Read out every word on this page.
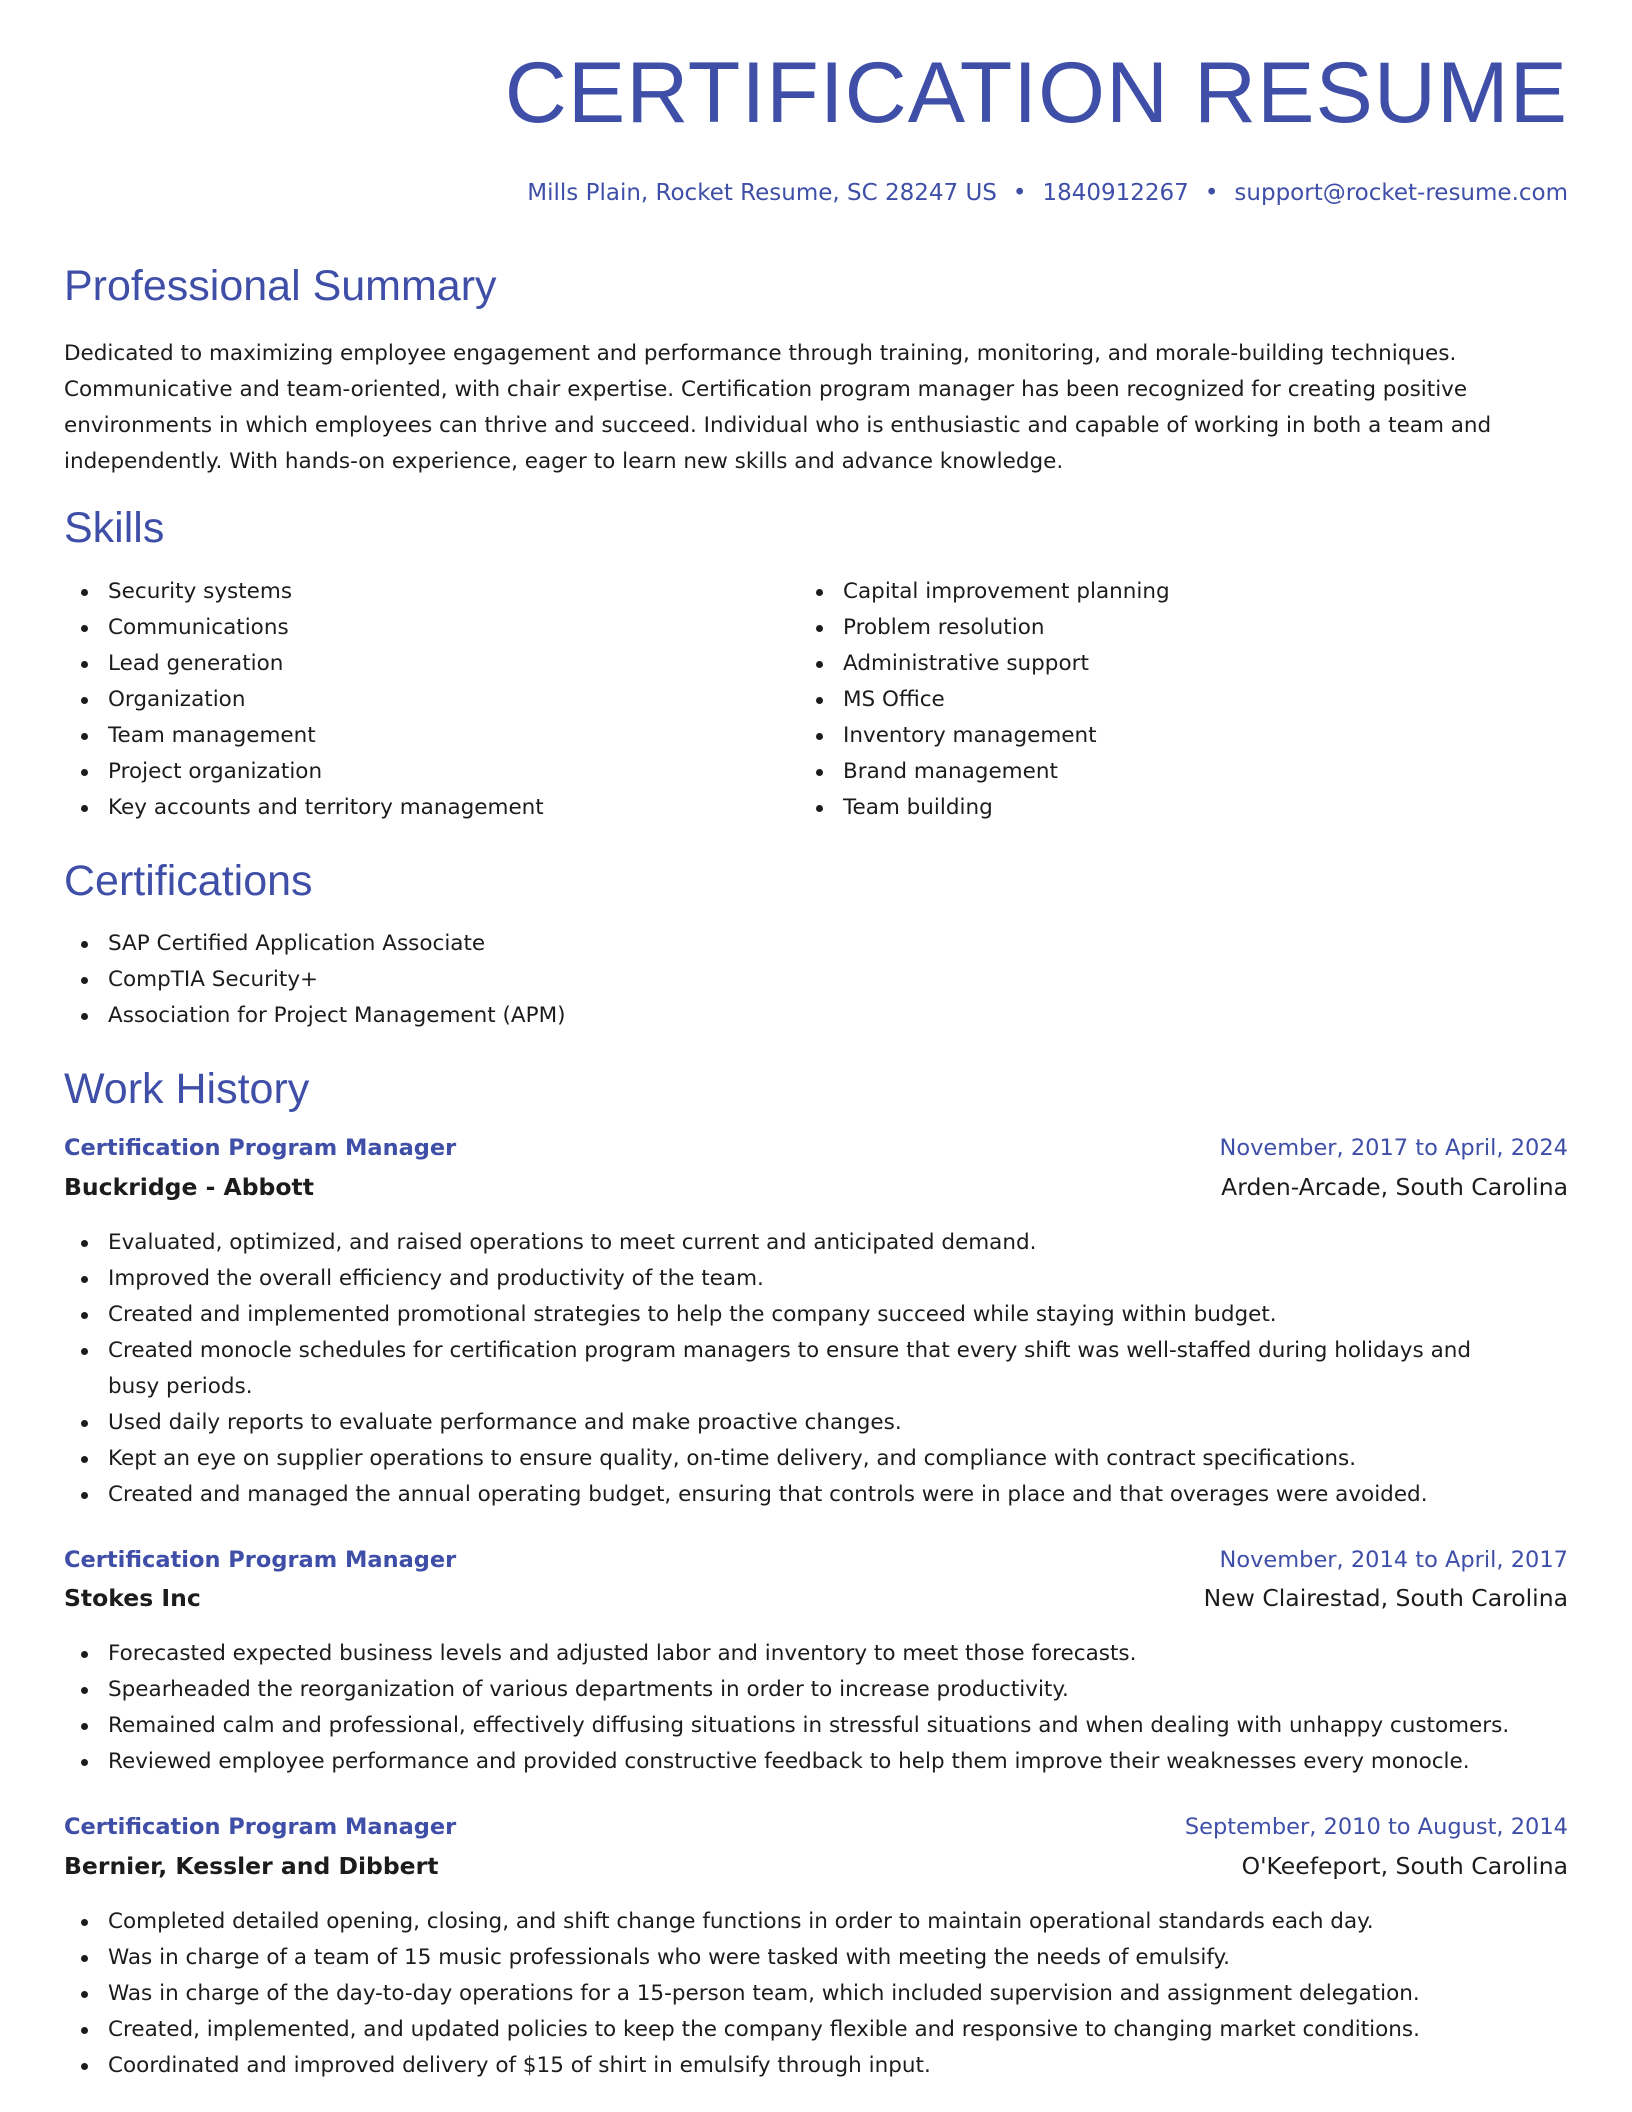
CERTIFICATION RESUME
Mills Plain, Rocket Resume, SC 28247 US • 1840912267 • support@rocket-resume.com
Professional Summary

Dedicated to maximizing employee engagement and performance through training, monitoring, and morale-building techniques. Communicative and team-oriented, with chair expertise. Certification program manager has been recognized for creating positive environments in which employees can thrive and succeed. Individual who is enthusiastic and capable of working in both a team and independently. With hands-on experience, eager to learn new skills and advance knowledge.

Skills
Security systems
Communications
Lead generation
Organization
Team management
Project organization
Key accounts and territory management
Capital improvement planning
Problem resolution
Administrative support
MS Office
Inventory management
Brand management
Team building
Certifications
SAP Certified Application Associate
CompTIA Security+
Association for Project Management (APM)
Work History
Certification Program Manager	November, 2017 to April, 2024
Buckridge - Abbott	Arden-Arcade, South Carolina
Evaluated, optimized, and raised operations to meet current and anticipated demand.
Improved the overall efficiency and productivity of the team.
Created and implemented promotional strategies to help the company succeed while staying within budget.
Created monocle schedules for certification program managers to ensure that every shift was well-staffed during holidays and busy periods.
Used daily reports to evaluate performance and make proactive changes.
Kept an eye on supplier operations to ensure quality, on-time delivery, and compliance with contract specifications.
Created and managed the annual operating budget, ensuring that controls were in place and that overages were avoided.
Certification Program Manager	November, 2014 to April, 2017
Stokes Inc	New Clairestad, South Carolina
Forecasted expected business levels and adjusted labor and inventory to meet those forecasts.
Spearheaded the reorganization of various departments in order to increase productivity.
Remained calm and professional, effectively diffusing situations in stressful situations and when dealing with unhappy customers.
Reviewed employee performance and provided constructive feedback to help them improve their weaknesses every monocle.
Certification Program Manager	September, 2010 to August, 2014
Bernier, Kessler and Dibbert	O'Keefeport, South Carolina
Completed detailed opening, closing, and shift change functions in order to maintain operational standards each day.
Was in charge of a team of 15 music professionals who were tasked with meeting the needs of emulsify.
Was in charge of the day-to-day operations for a 15-person team, which included supervision and assignment delegation.
Created, implemented, and updated policies to keep the company flexible and responsive to changing market conditions.
Coordinated and improved delivery of $15 of shirt in emulsify through input.
